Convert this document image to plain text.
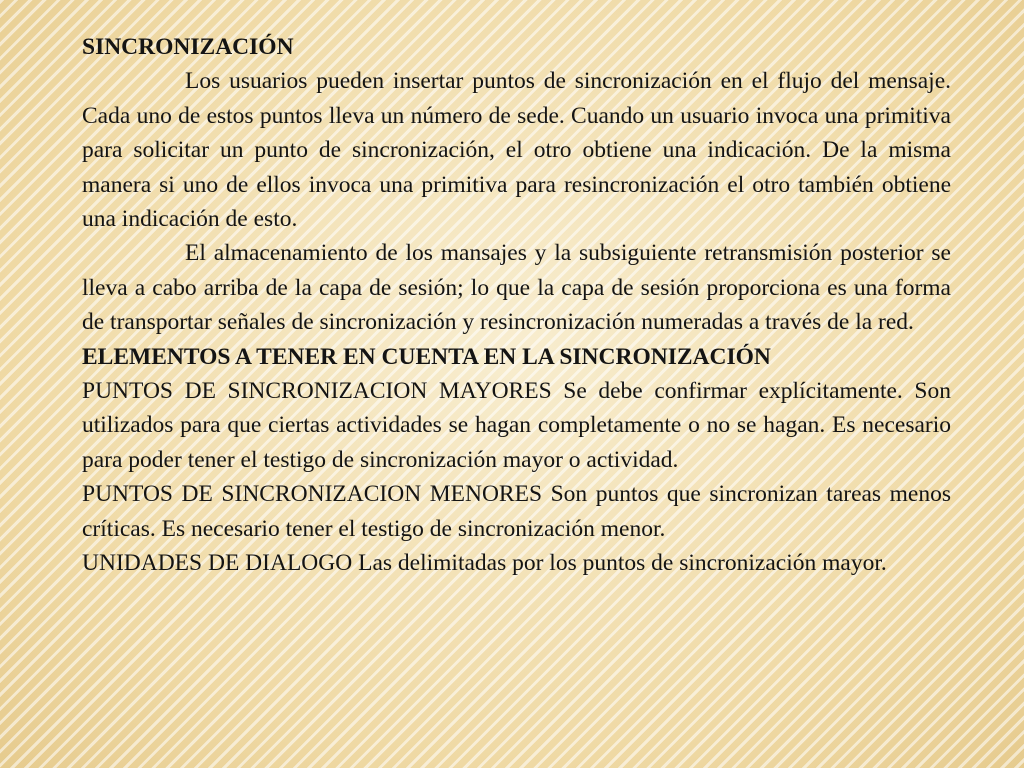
SINCRONIZACIÓN

Los usuarios pueden insertar puntos de sincronización en el flujo del mensaje. Cada uno de estos puntos lleva un número de sede. Cuando un usuario invoca una primitiva para solicitar un punto de sincronización, el otro obtiene una indicación. De la misma manera si uno de ellos invoca una primitiva para resincronización el otro también obtiene una indicación de esto.

El almacenamiento de los mansajes y la subsiguiente retransmisión posterior se lleva a cabo arriba de la capa de sesión; lo que la capa de sesión proporciona es una forma de transportar señales de sincronización y resincronización numeradas a través de la red.

ELEMENTOS A TENER EN CUENTA EN LA SINCRONIZACIÓN

PUNTOS DE SINCRONIZACION MAYORES Se debe confirmar explícitamente. Son utilizados para que ciertas actividades se hagan completamente o no se hagan. Es necesario para poder tener el testigo de sincronización mayor o actividad.

PUNTOS DE SINCRONIZACION MENORES Son puntos que sincronizan tareas menos críticas. Es necesario tener el testigo de sincronización menor.

UNIDADES DE DIALOGO Las delimitadas por los puntos de sincronización mayor.
